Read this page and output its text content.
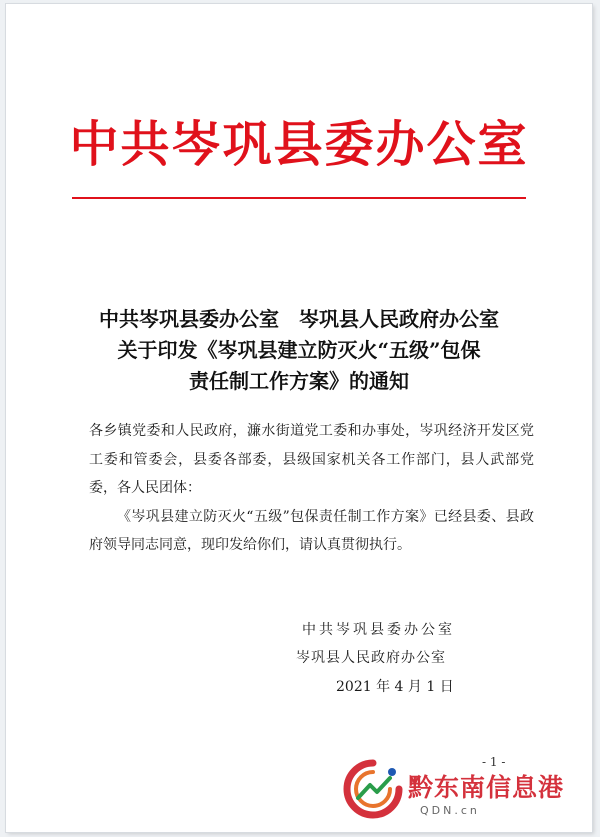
中共岑巩县委办公室
中共岑巩县委办公室　岑巩县人民政府办公室
关于印发《岑巩县建立防灭火“五级”包保
责任制工作方案》的通知

各乡镇党委和人民政府，濂水街道党工委和办事处，岑巩经济开发区党工委和管委会，县委各部委，县级国家机关各工作部门，县人武部党委，各人民团体：

《岑巩县建立防灭火“五级”包保责任制工作方案》已经县委、县政府领导同志同意，现印发给你们，请认真贯彻执行。

中共岑巩县委办公室
岑巩县人民政府办公室
2021 年 4 月 1 日
- 1 -
黔东南信息港
QDN.cn
